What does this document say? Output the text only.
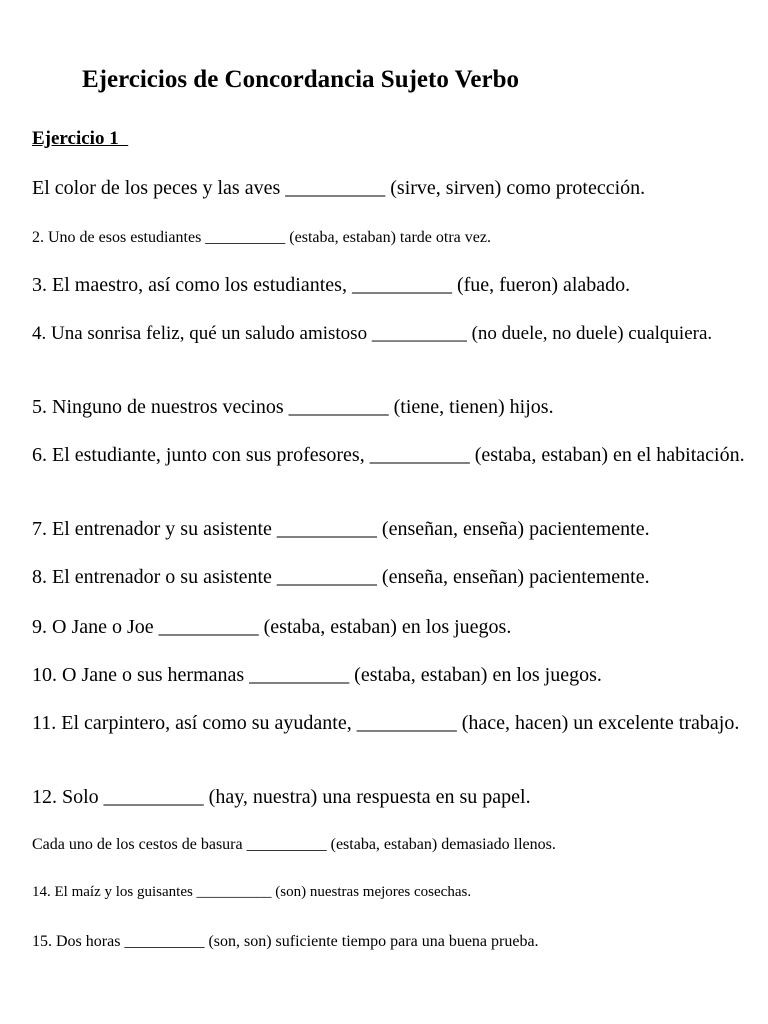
Ejercicios de Concordancia Sujeto Verbo
Ejercicio 1

El color de los peces y las aves __________ (sirve, sirven) como protección.

2. Uno de esos estudiantes __________ (estaba, estaban) tarde otra vez.

3. El maestro, así como los estudiantes, __________ (fue, fueron) alabado.

4. Una sonrisa feliz, qué un saludo amistoso __________ (no duele, no duele) cualquiera.

5. Ninguno de nuestros vecinos __________ (tiene, tienen) hijos.

6. El estudiante, junto con sus profesores, __________ (estaba, estaban) en el habitación.

7. El entrenador y su asistente __________ (enseñan, enseña) pacientemente.

8. El entrenador o su asistente __________ (enseña, enseñan) pacientemente.

9. O Jane o Joe __________ (estaba, estaban) en los juegos.

10. O Jane o sus hermanas __________ (estaba, estaban) en los juegos.

11. El carpintero, así como su ayudante, __________ (hace, hacen) un excelente trabajo.

12. Solo __________ (hay, nuestra) una respuesta en su papel.

Cada uno de los cestos de basura __________ (estaba, estaban) demasiado llenos.

14. El maíz y los guisantes __________ (son) nuestras mejores cosechas.

15. Dos horas __________ (son, son) suficiente tiempo para una buena prueba.
